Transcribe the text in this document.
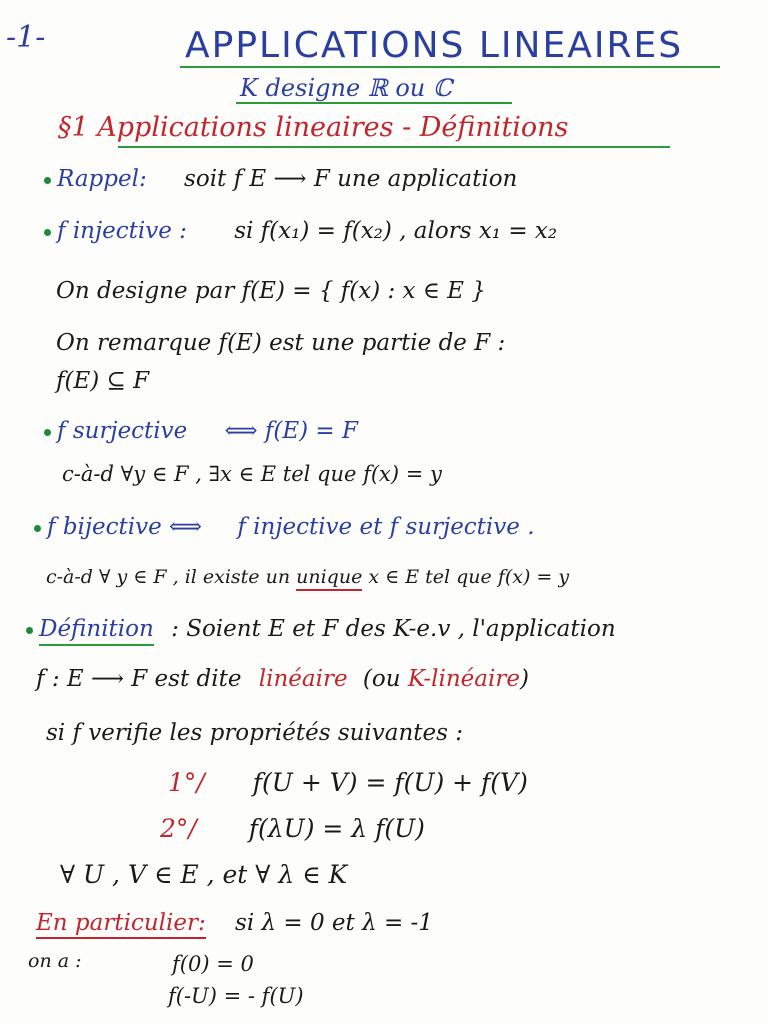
-1-	APPLICATIONS LINEAIRES
K designe ℝ ou ℂ
§1 Applications lineaires - Définitions
Rappel: soit f E ⟶ F une application
f injective : si f(x₁) = f(x₂) , alors x₁ = x₂
On designe par f(E) = { f(x) : x ∈ E }
On remarque f(E) est une partie de F :
f(E) ⊆ F
f surjective ⟺ f(E) = F
c-à-d ∀y ∈ F , ∃x ∈ E tel que f(x) = y
f bijective ⟺ f injective et f surjective .
c-à-d ∀ y ∈ F , il existe un unique x ∈ E tel que f(x) = y
Définition : Soient E et F des K-e.v , l'application
f : E ⟶ F est dite linéaire (ou K-linéaire)
si f verifie les propriétés suivantes :
1°/ f(U + V) = f(U) + f(V)
2°/ f(λU) = λ f(U)
∀ U , V ∈ E , et ∀ λ ∈ K
En particulier: si λ = 0 et λ = -1
on a :	f(0) = 0
f(-U) = - f(U)
